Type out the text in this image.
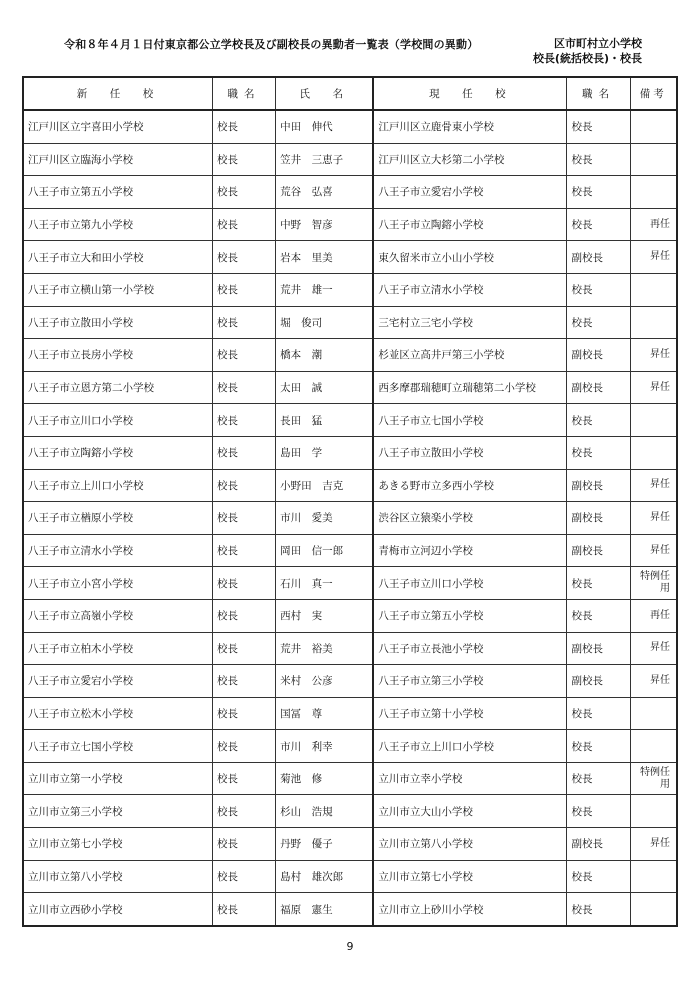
令和８年４月１日付東京都公立学校長及び副校長の異動者一覧表（学校間の異動）	区市町村立小学校
校長(統括校長)・校長
新　任　校	職名	氏　名	現　任　校	職名	備考
江戸川区立宇喜田小学校	校長	中田　伸代	江戸川区立鹿骨東小学校	校長	
江戸川区立臨海小学校	校長	笠井　三恵子	江戸川区立大杉第二小学校	校長	
八王子市立第五小学校	校長	荒谷　弘喜	八王子市立愛宕小学校	校長	
八王子市立第九小学校	校長	中野　智彦	八王子市立陶鎔小学校	校長	再任
八王子市立大和田小学校	校長	岩本　里美	東久留米市立小山小学校	副校長	昇任
八王子市立横山第一小学校	校長	荒井　雄一	八王子市立清水小学校	校長	
八王子市立散田小学校	校長	堀　俊司	三宅村立三宅小学校	校長	
八王子市立長房小学校	校長	橋本　潮	杉並区立高井戸第三小学校	副校長	昇任
八王子市立恩方第二小学校	校長	太田　誠	西多摩郡瑞穂町立瑞穂第二小学校	副校長	昇任
八王子市立川口小学校	校長	長田　猛	八王子市立七国小学校	校長	
八王子市立陶鎔小学校	校長	島田　学	八王子市立散田小学校	校長	
八王子市立上川口小学校	校長	小野田　吉克	あきる野市立多西小学校	副校長	昇任
八王子市立楢原小学校	校長	市川　愛美	渋谷区立猿楽小学校	副校長	昇任
八王子市立清水小学校	校長	岡田　信一郎	青梅市立河辺小学校	副校長	昇任
八王子市立小宮小学校	校長	石川　真一	八王子市立川口小学校	校長	特例任用
八王子市立高嶺小学校	校長	西村　実	八王子市立第五小学校	校長	再任
八王子市立柏木小学校	校長	荒井　裕美	八王子市立長池小学校	副校長	昇任
八王子市立愛宕小学校	校長	米村　公彦	八王子市立第三小学校	副校長	昇任
八王子市立松木小学校	校長	国冨　尊	八王子市立第十小学校	校長	
八王子市立七国小学校	校長	市川　利幸	八王子市立上川口小学校	校長	
立川市立第一小学校	校長	菊池　修	立川市立幸小学校	校長	特例任用
立川市立第三小学校	校長	杉山　浩規	立川市立大山小学校	校長	
立川市立第七小学校	校長	丹野　優子	立川市立第八小学校	副校長	昇任
立川市立第八小学校	校長	島村　雄次郎	立川市立第七小学校	校長	
立川市立西砂小学校	校長	福原　憲生	立川市立上砂川小学校	校長	
9
